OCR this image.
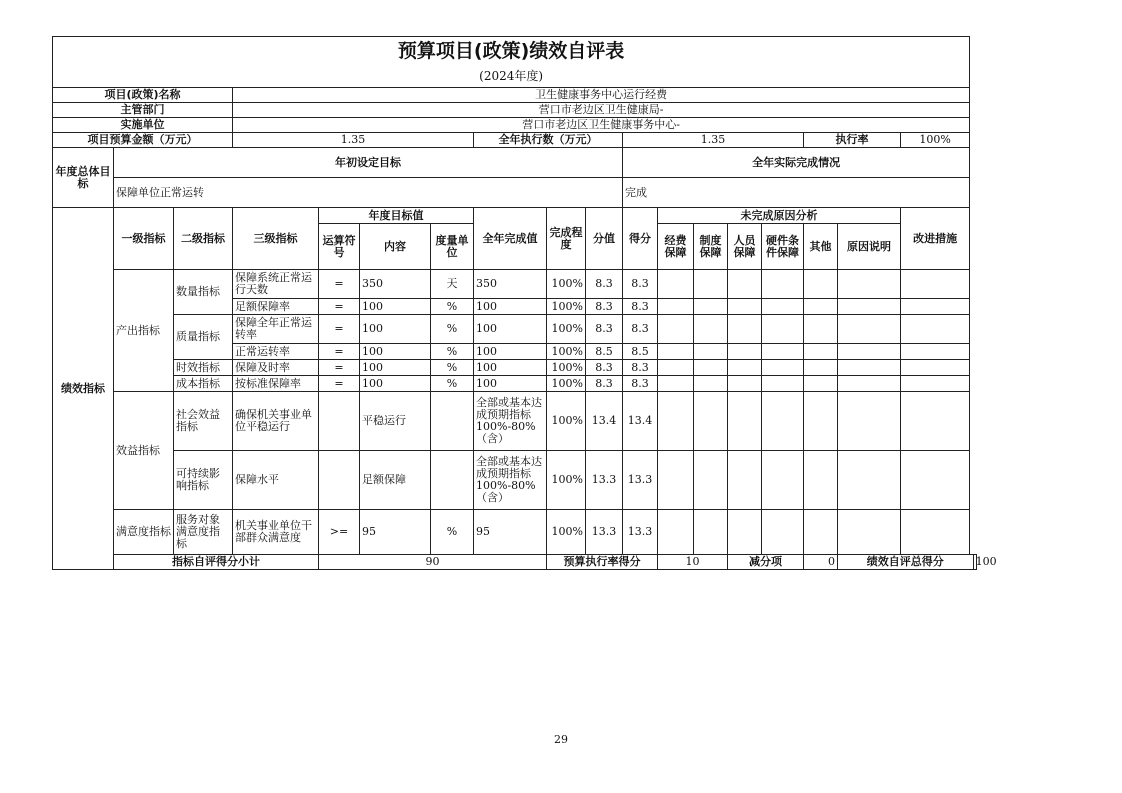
预算项目(政策)绩效自评表																		
(2024年度)																		
项目(政策)名称			卫生健康事务中心运行经费															
主管部门			营口市老边区卫生健康局-															
实施单位			营口市老边区卫生健康事务中心-															
项目预算金额（万元）			1.35				全年执行数（万元）			1.35					执行率		100%	
年度总体目标	年初设定目标									全年实际完成情况								
	保障单位正常运转									完成								
绩效指标	一级指标	二级指标	三级指标	年度目标值			全年完成值	完成程度	分值	得分	未完成原因分析						改进措施	
				运算符号	内容	度量单位					经费保障	制度保障	人员保障	硬件条件保障	其他	原因说明		
	产出指标	数量指标	保障系统正常运行天数	=	350	天	350	100%	8.3	8.3								
			足额保障率	=	100	%	100	100%	8.3	8.3								
		质量指标	保障全年正常运转率	=	100	%	100	100%	8.3	8.3								
			正常运转率	=	100	%	100	100%	8.5	8.5								
		时效指标	保障及时率	=	100	%	100	100%	8.3	8.3								
		成本指标	按标准保障率	=	100	%	100	100%	8.3	8.3								
	效益指标	社会效益指标	确保机关事业单位平稳运行		平稳运行		全部或基本达成预期指标100%-80%（含）	100%	13.4	13.4								
		可持续影响指标	保障水平		足额保障		全部或基本达成预期指标100%-80%（含）	100%	13.3	13.3								
	满意度指标	服务对象满意度指标	机关事业单位干部群众满意度	>=	95	%	95	100%	13.3	13.3								
	指标自评得分小计			90				预算执行率得分			10		减分项		0	绩效自评总得分		100
29
